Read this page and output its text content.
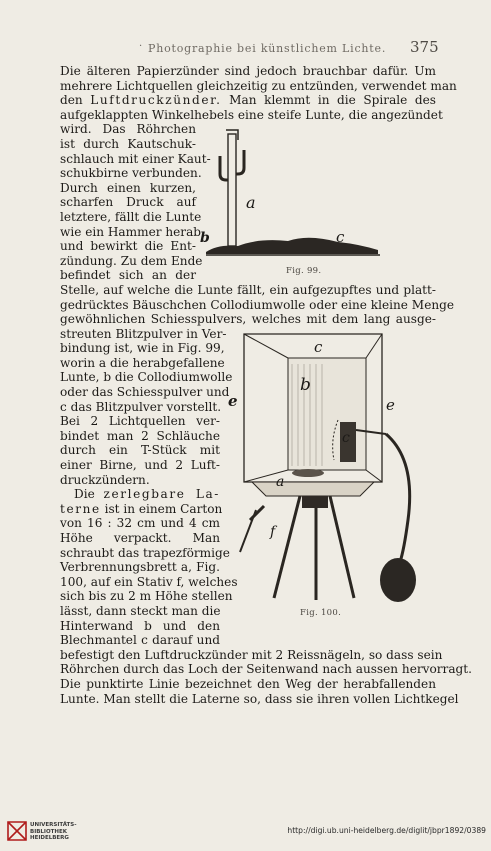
· Photographie bei künstlichem Lichte. 375
Die älteren Papierzünder sind jedoch brauchbar dafür. Um
mehrere Lichtquellen gleichzeitig zu entzünden, verwendet man
den Luftdruckzünder. Man klemmt in die Spirale des
aufgeklappten Winkelhebels eine steife Lunte, die angezündet
wird. Das Röhrchen
ist durch Kautschuk-
schlauch mit einer Kaut-
schukbirne verbunden.
Durch einen kurzen,
scharfen Druck auf
letztere, fällt die Lunte
wie ein Hammer herab
und bewirkt die Ent-
zündung. Zu dem Ende
befindet sich an der
Stelle, auf welche die Lunte fällt, ein aufgezupftes und platt-
gedrücktes Bäuschchen Collodiumwolle oder eine kleine Menge
gewöhnlichen Schiesspulvers, welches mit dem lang ausge-
streuten Blitzpulver in Ver-
bindung ist, wie in Fig. 99,
worin a die herabgefallene
Lunte, b die Collodiumwolle
oder das Schiesspulver und
c das Blitzpulver vorstellt.
Bei 2 Lichtquellen ver-
bindet man 2 Schläuche
durch ein T-Stück mit
einer Birne, und 2 Luft-
druckzündern.
Die zerlegbare La-
terne ist in einem Carton
von 16 : 32 cm und 4 cm
Höhe verpackt. Man
schraubt das trapezförmige
Verbrennungsbrett a, Fig.
100, auf ein Stativ f, welches
sich bis zu 2 m Höhe stellen
lässt, dann steckt man die
Hinterwand b und den
Blechmantel c darauf und
befestigt den Luftdruckzünder mit 2 Reissnägeln, so dass sein
Röhrchen durch das Loch der Seitenwand nach aussen hervorragt.
Die punktirte Linie bezeichnet den Weg der herabfallenden
Lunte. Man stellt die Laterne so, dass sie ihren vollen Lichtkegel
a
b	c
Fig. 99.
c
b
c
e	e
a
f
Fig. 100.
UNIVERSITÄTS-
BIBLIOTHEK
HEIDELBERG
http://digi.ub.uni-heidelberg.de/diglit/jbpr1892/0389
